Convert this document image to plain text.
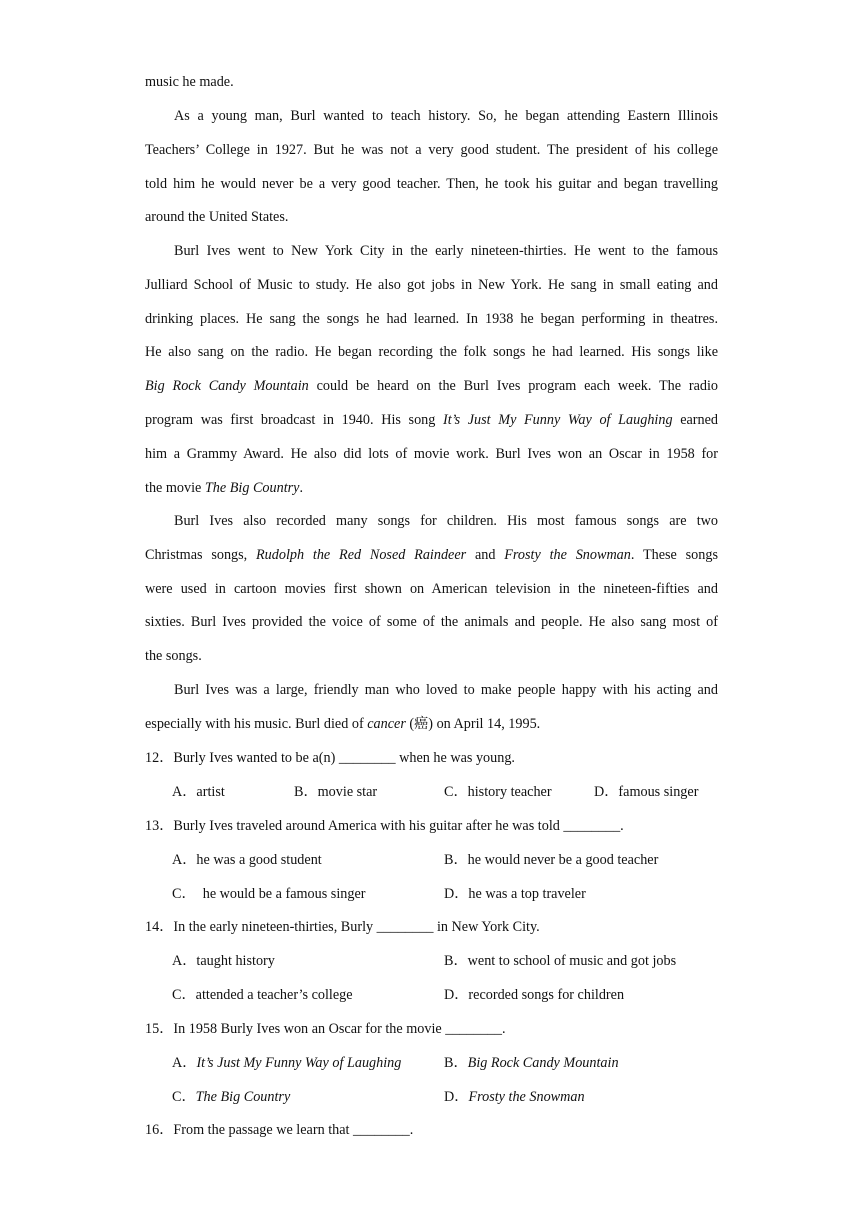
music he made.

As a young man, Burl wanted to teach history. So, he began attending Eastern Illinois
Teachers’ College in 1927. But he was not a very good student. The president of his college
told him he would never be a very good teacher. Then, he took his guitar and began travelling
around the United States.

Burl Ives went to New York City in the early nineteen-thirties. He went to the famous
Julliard School of Music to study. He also got jobs in New York. He sang in small eating and
drinking places. He sang the songs he had learned. In 1938 he began performing in theatres.
He also sang on the radio. He began recording the folk songs he had learned. His songs like
Big Rock Candy Mountain could be heard on the Burl Ives program each week. The radio
program was first broadcast in 1940. His song It’s Just My Funny Way of Laughing earned
him a Grammy Award. He also did lots of movie work. Burl Ives won an Oscar in 1958 for
the movie The Big Country.

Burl Ives also recorded many songs for children. His most famous songs are two
Christmas songs, Rudolph the Red Nosed Raindeer and Frosty the Snowman. These songs
were used in cartoon movies first shown on American television in the nineteen-fifties and
sixties. Burl Ives provided the voice of some of the animals and people. He also sang most of
the songs.

Burl Ives was a large, friendly man who loved to make people happy with his acting and
especially with his music. Burl died of cancer (癌) on April 14, 1995.

12．Burly Ives wanted to be a(n) ________ when he was young.
A．artist	B．movie star	C．history teacher	D．famous singer
13．Burly Ives traveled around America with his guitar after he was told ________.
A．he was a good student	B．he would never be a good teacher
C．  he would be a famous singer	D．he was a top traveler
14．In the early nineteen-thirties, Burly ________ in New York City.
A．taught history	B．went to school of music and got jobs
C．attended a teacher’s college	D．recorded songs for children
15．In 1958 Burly Ives won an Oscar for the movie ________.
A．It’s Just My Funny Way of Laughing	B．Big Rock Candy Mountain
C．The Big Country	D．Frosty the Snowman
16．From the passage we learn that ________.
